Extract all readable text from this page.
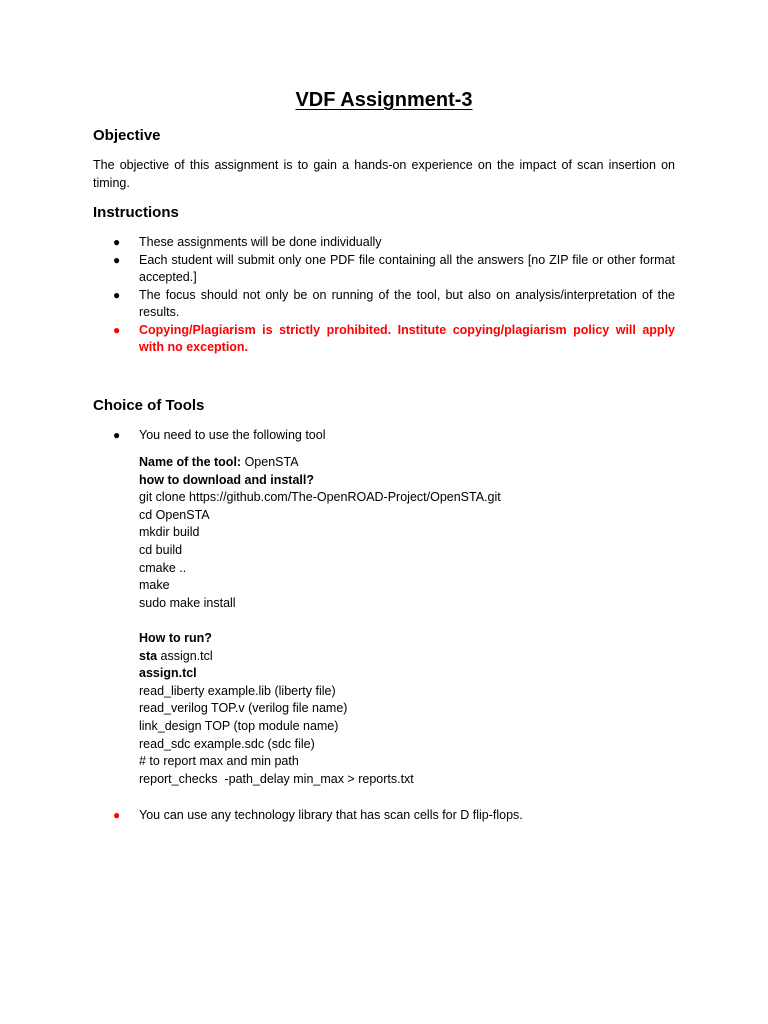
VDF Assignment-3
Objective
The objective of this assignment is to gain a hands-on experience on the impact of scan insertion on timing.
Instructions
● These assignments will be done individually
● Each student will submit only one PDF file containing all the answers [no ZIP file or other format accepted.]
● The focus should not only be on running of the tool, but also on analysis/interpretation of the results.
● Copying/Plagiarism is strictly prohibited. Institute copying/plagiarism policy will apply with no exception.
Choice of Tools
● You need to use the following tool
Name of the tool: OpenSTA
how to download and install?
git clone https://github.com/The-OpenROAD-Project/OpenSTA.git
cd OpenSTA
mkdir build
cd build
cmake ..
make
sudo make install
How to run?
sta assign.tcl
assign.tcl
read_liberty example.lib (liberty file)
read_verilog TOP.v (verilog file name)
link_design TOP (top module name)
read_sdc example.sdc (sdc file)
# to report max and min path
report_checks  -path_delay min_max > reports.txt
● You can use any technology library that has scan cells for D flip-flops.
